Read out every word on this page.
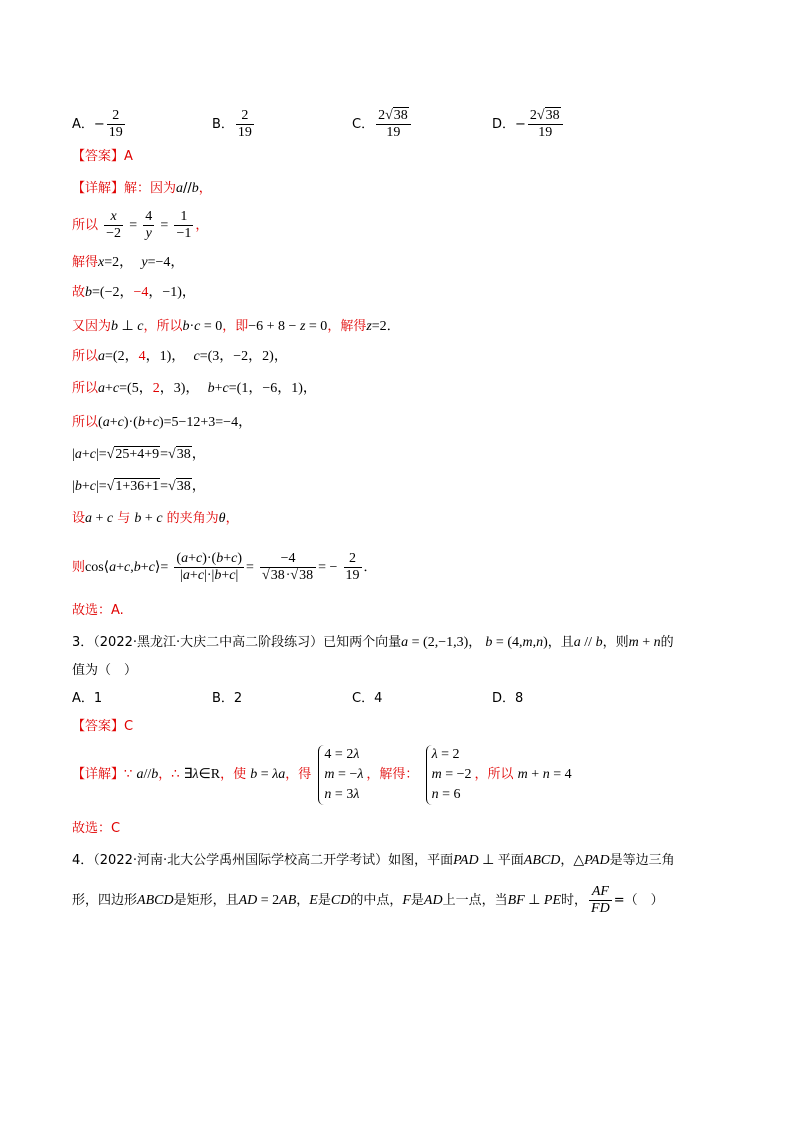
A．− $\frac{2}{19}$	B． $\frac{2}{19}$	C． $\frac{2√38}{19}$	D．− $\frac{2√38}{19}$
【答案】A
【详解】解：因为a//b，
所以 $\frac{x}{-2} = \frac{4}{y} = \frac{1}{-1}$ ，
解得x=2， y=−4，
故b=(−2，−4，−1)，
又因为b ⊥ c，所以b·c = 0，即−6 + 8 − z = 0，解得z=2．
所以a=(2，4，1)， c=(3，−2，2)，
所以a+c=(5，2，3)， b+c=(1，−6，1)，
所以(a+c)·(b+c)=5−12+3=−4，
|a+c|=√25+4+9=√38，
|b+c|=√1+36+1=√38，
设a + c 与 b + c 的夹角为θ，
则cos⟨a+c,b+c⟩= $\frac{(a+c)\cdot(b+c)}{|a+c|\cdot|b+c|} = \frac{-4}{√38\cdot√38}$ = − $\frac{2}{19}$ ．
故选：A.
3．（2022·黑龙江·大庆二中高二阶段练习）已知两个向量a = (2,−1,3)， b = (4,m,n)，且a // b，则m + n的
值为（　）
A．1	B．2	C．4	D．8
【答案】C
【详解】∵ a//b，∴ ∃λ∈R，使 b = λa，得
4 = 2λ
m = −λ
n = 3λ
，解得：
λ = 2
m = −2
n = 6
，所以 m + n = 4
故选：C
4．（2022·河南·北大公学禹州国际学校高二开学考试）如图，平面PAD ⊥ 平面ABCD，△PAD是等边三角
形，四边形ABCD是矩形，且AD = 2AB，E是CD的中点，F是AD上一点，当BF ⊥ PE时， $\frac{AF}{FD}$ =（　）
